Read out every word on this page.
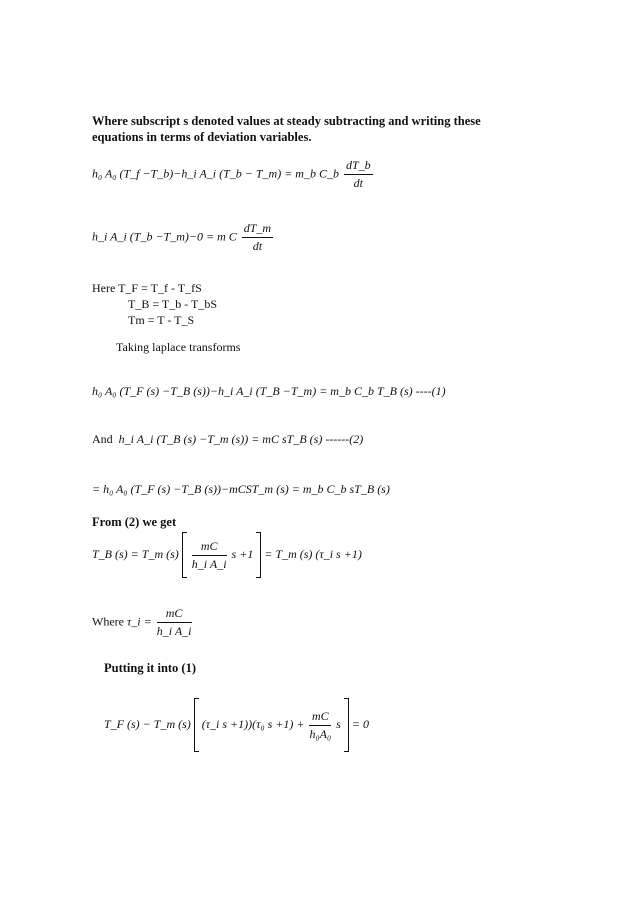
Where subscript s denoted values at steady subtracting and writing these
equations in terms of deviation variables.
h₀ A₀ (T_f −T_b)−h_i A_i (T_b − T_m) = m_b C_b $\frac{dT\_b}{dt}$
h_i A_i (T_b −T_m)−0 = m C $\frac{dT\_m}{dt}$
Here T_F = T_f - T_fS
T_B = T_b - T_bS
Tm = T - T_S
Taking laplace transforms
h₀ A₀ (T_F (s) −T_B (s))−h_i A_i (T_B −T_m) = m_b C_b T_B (s) ----(1)
And h_i A_i (T_B (s) −T_m (s)) = mC sT_B (s) ------(2)
= h₀ A₀ (T_F (s) −T_B (s))−mCST_m (s) = m_b C_b sT_B (s)
From (2) we get
T_B (s) = T_m $(s) \frac{mC}{\text{h\_i A\_i}}$ s +1 = T_m (s) (τ_i s +1)
Where τ_i = $\frac{mC}{\text{h\_i A\_i}}$
Putting it into (1)
T_F (s) − T_m (s) (τ_i s +1))(τ₀ $s +1) + \frac{mC}{\text{h₀A₀}}$ s = 0
